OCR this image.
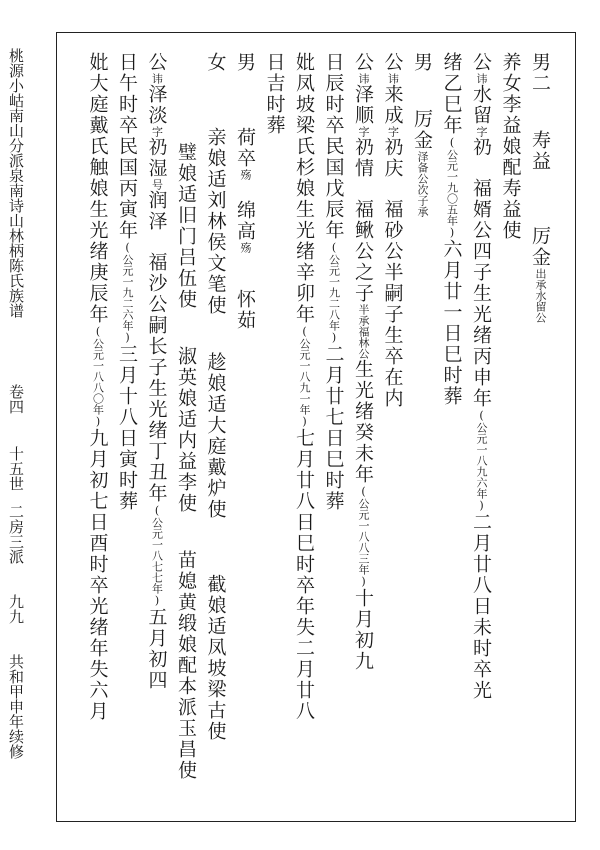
桃源小岵南山分派泉南诗山林柄陈氏族谱
卷四
十五世
二房三派
九九
共和甲申年续修
男二寿益厉金出承水留公
养女李益娘配寿益使
公讳水留字礽福婿公四子生光绪丙申年(公元一八九六年)二月廿八日未时卒光
绪乙巳年(公元一九〇五年)六月廿一日巳时葬
男厉金泽备公次子承
公讳来成字礽庆福砂公半嗣子生卒在内
公讳泽顺字礽情福鳅公之子半承福林公生光绪癸未年(公元一八八三年)十月初九
日辰时卒民国戊辰年(公元一九二八年)二月廿七日巳时葬
妣凤坡梁氏杉娘生光绪辛卯年(公元一八九一年)七月廿八日巳时卒年失二月廿八
日吉时葬
男荷卒殇绵高殇怀茹
女亲娘适刘林侯文笔使趁娘适大庭戴炉使截娘适凤坡梁古使
璧娘适旧门吕伍使淑英娘适内益李使苗媳黄缎娘配本派玉昌使
公讳泽淡字礽湿号润泽福沙公嗣长子生光绪丁丑年(公元一八七七年)五月初四
日午时卒民国丙寅年(公元一九二六年)三月十八日寅时葬
妣大庭戴氏触娘生光绪庚辰年(公元一八八〇年)九月初七日酉时卒光绪年失六月
